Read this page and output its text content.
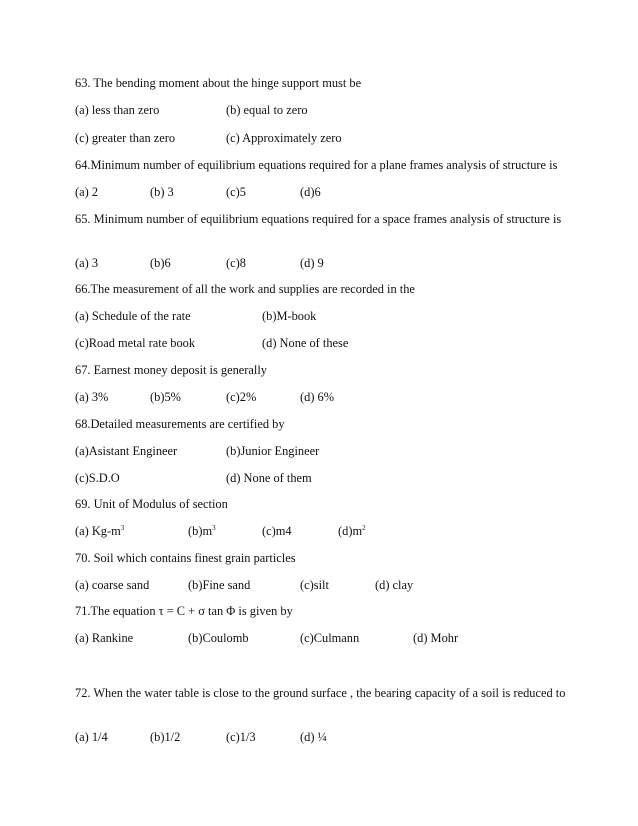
63. The bending moment about the hinge support must be
(a) less than zero	(b) equal to zero
(c) greater than zero	(c) Approximately zero
64.Minimum number of equilibrium equations required for a plane frames analysis of structure is
(a) 2	(b) 3	(c)5	(d)6
65. Minimum number of equilibrium equations required for a space frames analysis of structure is
(a) 3	(b)6	(c)8	(d) 9
66.The measurement of all the work and supplies are recorded in the
(a) Schedule of the rate	(b)M-book
(c)Road metal rate book	(d) None of these
67. Earnest money deposit is generally
(a) 3%	(b)5%	(c)2%	(d) 6%
68.Detailed measurements are certified by
(a)Asistant Engineer	(b)Junior Engineer
(c)S.D.O	(d) None of them
69. Unit of Modulus of section
(a) $Kg-m^3$	$(b)m^3$	(c)m4	$(d)m^2$
70. Soil which contains finest grain particles
(a) coarse sand	(b)Fine sand	(c)silt	(d) clay
71.The equation τ = C + σ tan Φ is given by
(a) Rankine	(b)Coulomb	(c)Culmann	(d) Mohr
72. When the water table is close to the ground surface , the bearing capacity of a soil is reduced to
(a) 1/4	(b)1/2	(c)1/3	(d) ¼
